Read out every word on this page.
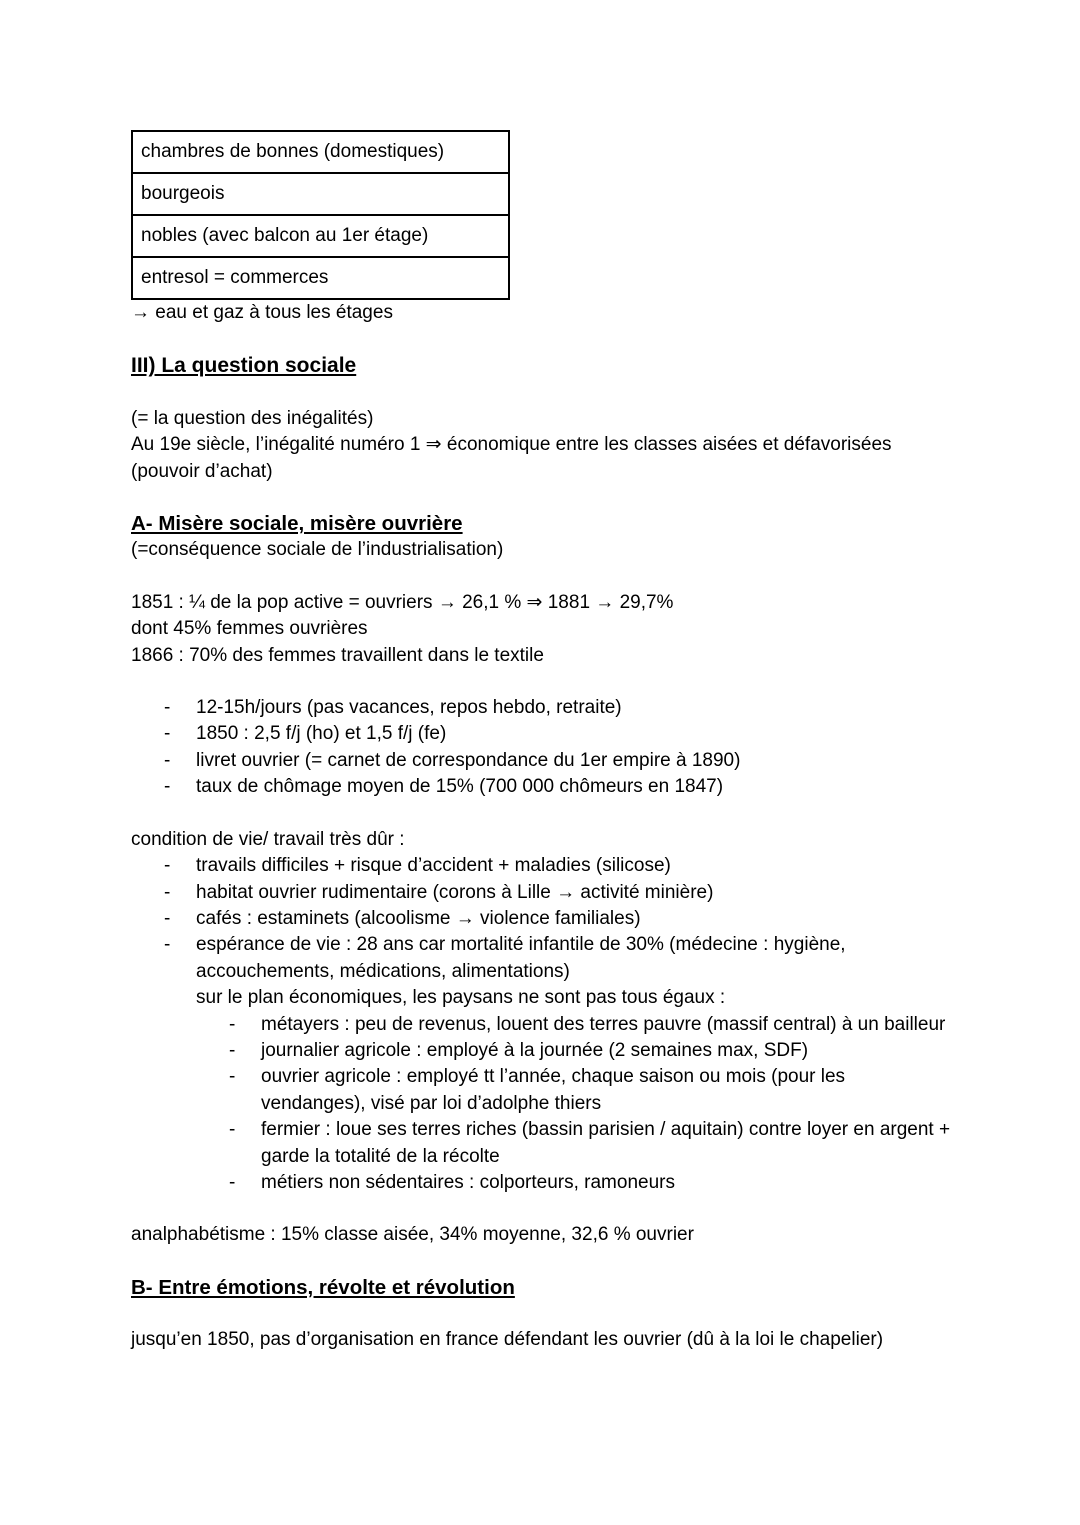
chambres de bonnes (domestiques)
bourgeois
nobles (avec balcon au 1er étage)
entresol = commerces

→ eau et gaz à tous les étages

III) La question sociale

(= la question des inégalités)

Au 19e siècle, l’inégalité numéro 1 ⇒ économique entre les classes aisées et défavorisées

(pouvoir d’achat)

A- Misère sociale, misère ouvrière

(=conséquence sociale de l’industrialisation)

1851 : ¼ de la pop active = ouvriers → 26,1 % ⇒ 1881 → 29,7%

dont 45% femmes ouvrières

1866 : 70% des femmes travaillent dans le textile

- 12-15h/jours (pas vacances, repos hebdo, retraite)
- 1850 : 2,5 f/j (ho) et 1,5 f/j (fe)
- livret ouvrier (= carnet de correspondance du 1er empire à 1890)
- taux de chômage moyen de 15% (700 000 chômeurs en 1847)

condition de vie/ travail très dûr :

- travails difficiles + risque d’accident + maladies (silicose)
- habitat ouvrier rudimentaire (corons à Lille → activité minière)
- cafés : estaminets (alcoolisme → violence familiales)
- espérance de vie : 28 ans car mortalité infantile de 30% (médecine : hygiène, accouchements, médications, alimentations)

sur le plan économiques, les paysans ne sont pas tous égaux :

- métayers : peu de revenus, louent des terres pauvre (massif central) à un bailleur
- journalier agricole : employé à la journée (2 semaines max, SDF)
- ouvrier agricole : employé tt l’année, chaque saison ou mois (pour les vendanges), visé par loi d’adolphe thiers
- fermier : loue ses terres riches (bassin parisien / aquitain) contre loyer en argent + garde la totalité de la récolte
- métiers non sédentaires : colporteurs, ramoneurs

analphabétisme : 15% classe aisée, 34% moyenne, 32,6 % ouvrier

B- Entre émotions, révolte et révolution

jusqu’en 1850, pas d’organisation en france défendant les ouvrier (dû à la loi le chapelier)
